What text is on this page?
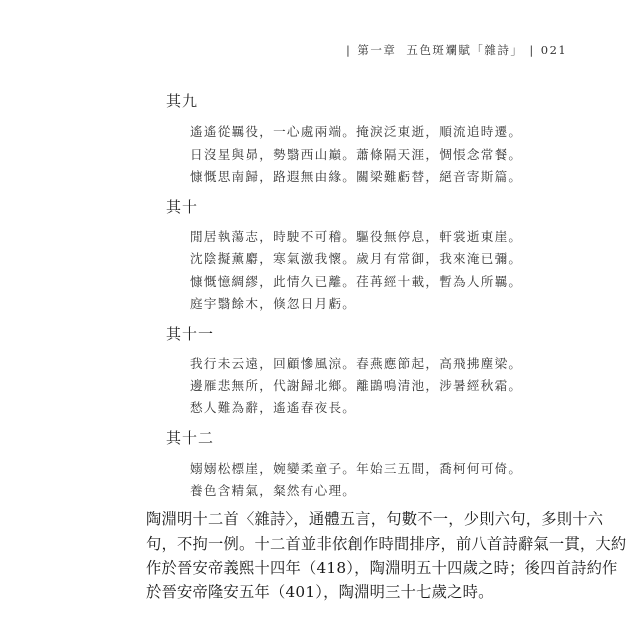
| 第一章 五色斑斕賦「雜詩」 | 021
其九
遙遙從羈役，一心處兩端。掩淚泛東逝，順流追時遷。
日沒星與昴，勢翳西山巔。蕭條隔天涯，惆悵念常餐。
慷慨思南歸，路遐無由緣。關梁難虧替，絕音寄斯篇。
其十
閒居執蕩志，時駛不可稽。驅役無停息，軒裳逝東崖。
沈陰擬薰麝，寒氣激我懷。歲月有常御，我來淹已彌。
慷慨憶綢繆，此情久已離。荏苒經十載，暫為人所羈。
庭宇翳餘木，倏忽日月虧。
其十一
我行未云遠，回顧慘風涼。春燕應節起，高飛拂塵梁。
邊雁悲無所，代謝歸北鄉。離鵾鳴清池，涉暑經秋霜。
愁人難為辭，遙遙春夜長。
其十二
嫋嫋松標崖，婉孌柔童子。年始三五間，喬柯何可倚。
養色含精氣，粲然有心理。
陶淵明十二首〈雜詩〉，通體五言，句數不一，少則六句，多則十六
句，不拘一例。十二首並非依創作時間排序，前八首詩辭氣一貫，大約
作於晉安帝義熙十四年（418），陶淵明五十四歲之時；後四首詩約作
於晉安帝隆安五年（401），陶淵明三十七歲之時。
